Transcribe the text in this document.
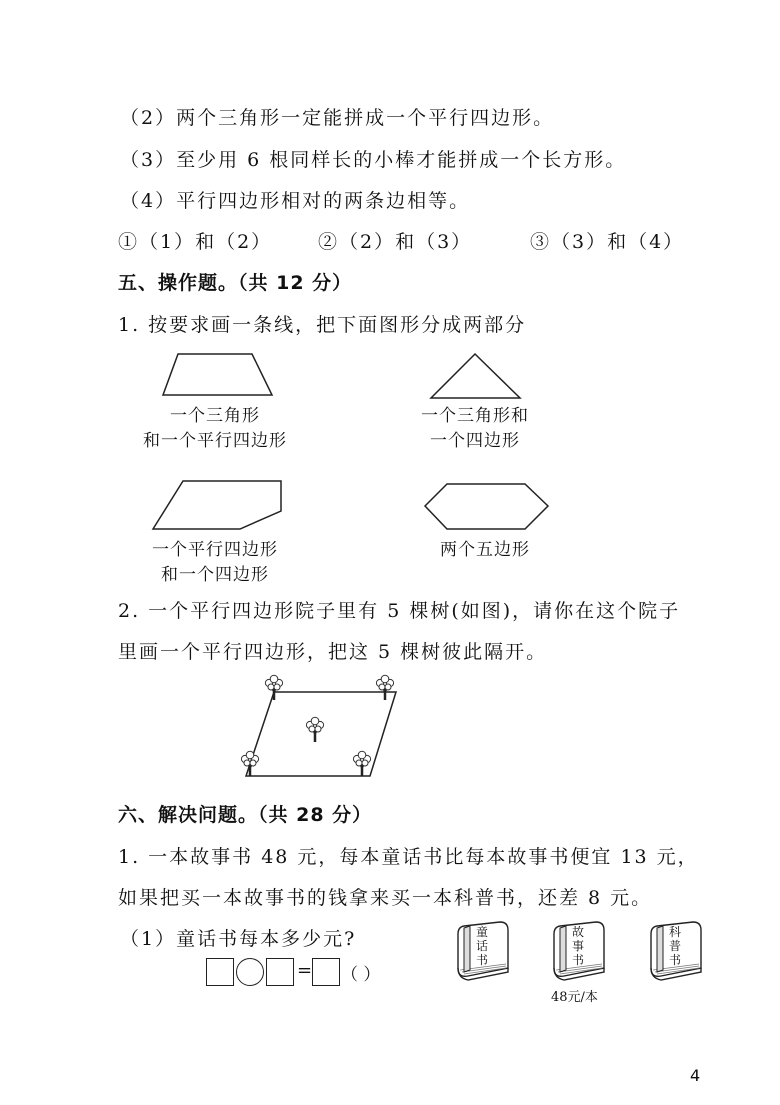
（2）两个三角形一定能拼成一个平行四边形。
（3）至少用 6 根同样长的小棒才能拼成一个长方形。
（4）平行四边形相对的两条边相等。
①（1）和（2） ②（2）和（3）	③（3）和（4）
五、操作题。（共 12 分）
1. 按要求画一条线，把下面图形分成两部分
一个三角形
和一个平行四边形
一个三角形和
一个四边形
一个平行四边形
和一个四边形
两个五边形
2. 一个平行四边形院子里有 5 棵树(如图)，请你在这个院子
里画一个平行四边形，把这 5 棵树彼此隔开。
六、解决问题。（共 28 分）
1. 一本故事书 48 元，每本童话书比每本故事书便宜 13 元，
如果把买一本故事书的钱拿来买一本科普书，还差 8 元。
（1）童话书每本多少元?
= （ ）
童话书
故事书
48元/本
科普书
4
